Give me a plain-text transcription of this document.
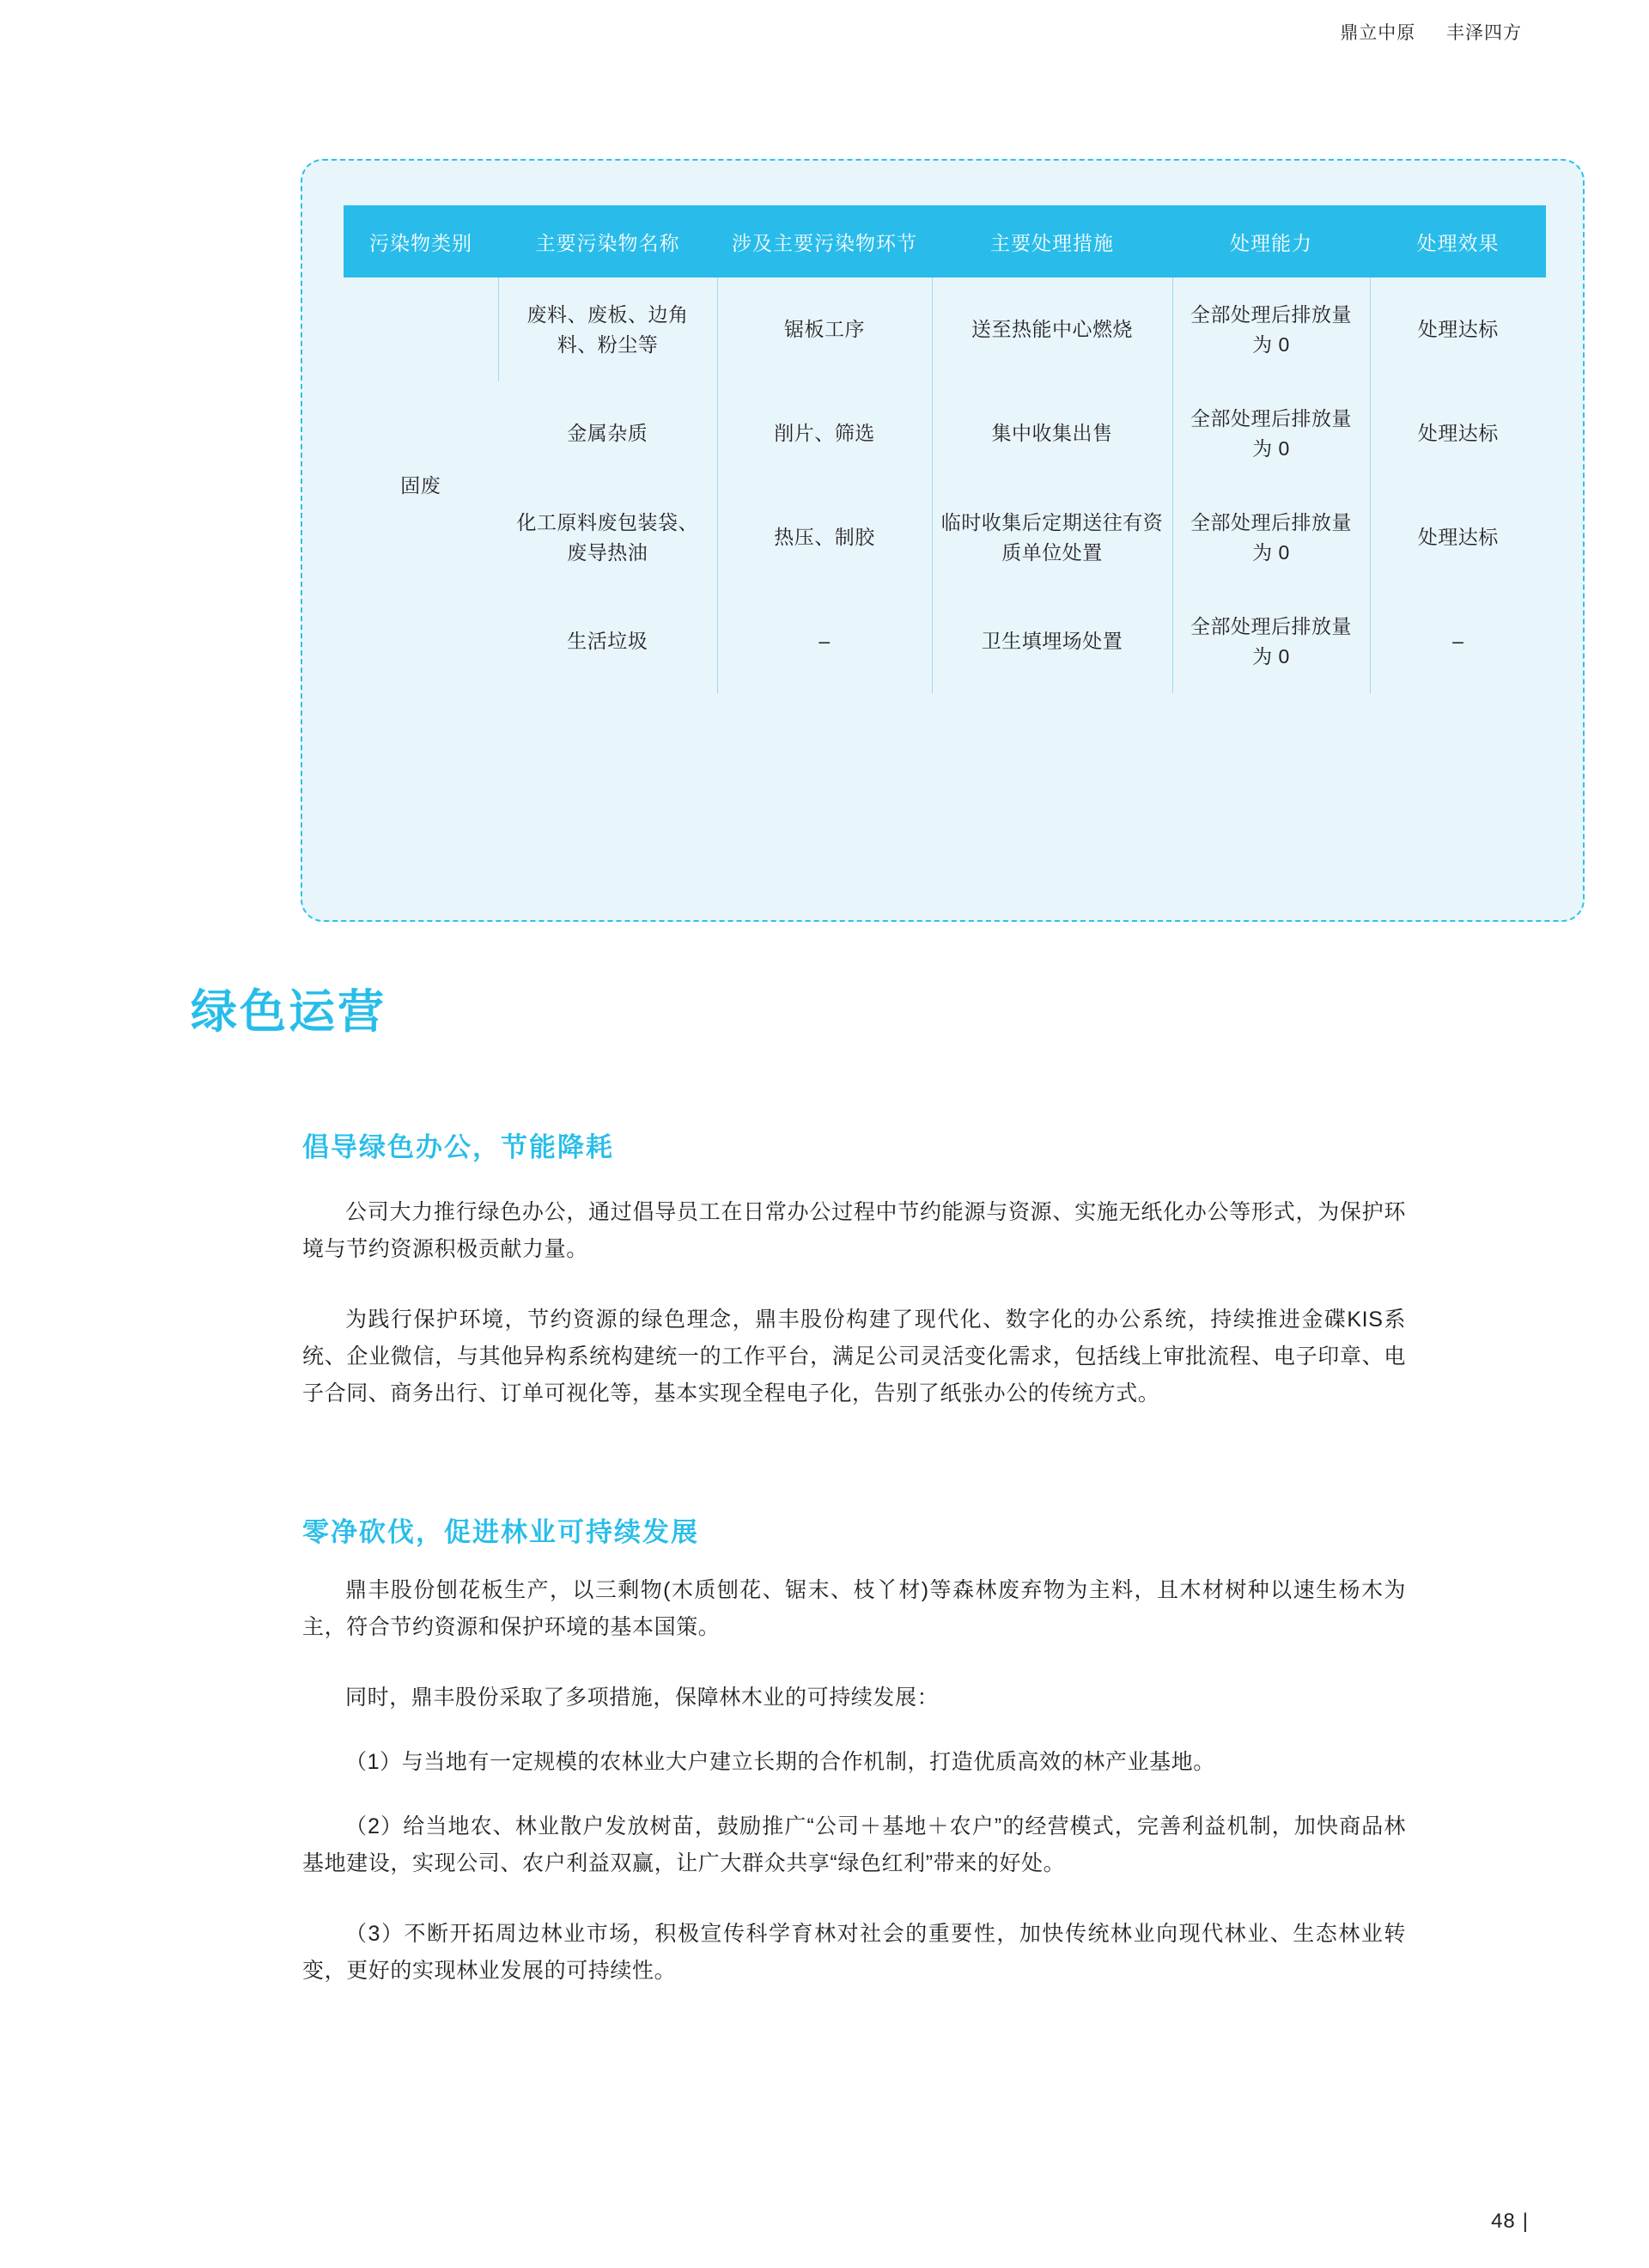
鼎立中原 丰泽四方
污染物类别	主要污染物名称	涉及主要污染物环节	主要处理措施	处理能力	处理效果
固废	废料、废板、边角料、粉尘等	锯板工序	送至热能中心燃烧	全部处理后排放量为 0	处理达标
	金属杂质	削片、筛选	集中收集出售	全部处理后排放量为 0	处理达标
	化工原料废包装袋、废导热油	热压、制胶	临时收集后定期送往有资质单位处置	全部处理后排放量为 0	处理达标
	生活垃圾	–	卫生填埋场处置	全部处理后排放量为 0	–
绿色运营
倡导绿色办公，节能降耗
公司大力推行绿色办公，通过倡导员工在日常办公过程中节约能源与资源、实施无纸化办公等形式，为保护环境与节约资源积极贡献力量。
为践行保护环境，节约资源的绿色理念，鼎丰股份构建了现代化、数字化的办公系统，持续推进金碟KIS系统、企业微信，与其他异构系统构建统一的工作平台，满足公司灵活变化需求，包括线上审批流程、电子印章、电子合同、商务出行、订单可视化等，基本实现全程电子化，告别了纸张办公的传统方式。
零净砍伐，促进林业可持续发展
鼎丰股份刨花板生产，以三剩物(木质刨花、锯末、枝丫材)等森林废弃物为主料，且木材树种以速生杨木为主，符合节约资源和保护环境的基本国策。
同时，鼎丰股份采取了多项措施，保障林木业的可持续发展：
（1）与当地有一定规模的农林业大户建立长期的合作机制，打造优质高效的林产业基地。
（2）给当地农、林业散户发放树苗，鼓励推广“公司＋基地＋农户”的经营模式，完善利益机制，加快商品林基地建设，实现公司、农户利益双赢，让广大群众共享“绿色红利”带来的好处。
（3）不断开拓周边林业市场，积极宣传科学育林对社会的重要性，加快传统林业向现代林业、生态林业转变，更好的实现林业发展的可持续性。
48 |
